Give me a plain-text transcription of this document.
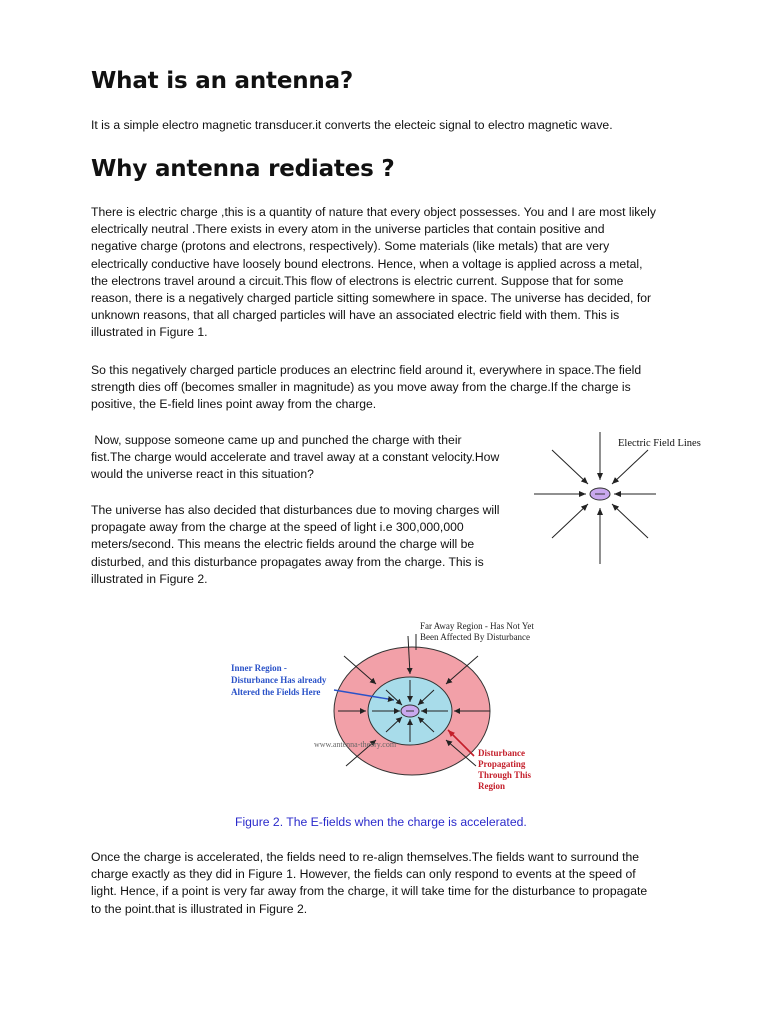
What is an antenna?
It is a simple electro magnetic transducer.it converts the electeic signal to electro magnetic wave.
Why antenna rediates ?
There is electric charge ,this is a quantity of nature that every object possesses. You and I are most likely
electrically neutral .There exists in every atom in the universe particles that contain positive and
negative charge (protons and electrons, respectively). Some materials (like metals) that are very
electrically conductive have loosely bound electrons. Hence, when a voltage is applied across a metal,
the electrons travel around a circuit.This flow of electrons is electric current. Suppose that for some
reason, there is a negatively charged particle sitting somewhere in space. The universe has decided, for
unknown reasons, that all charged particles will have an associated electric field with them. This is
illustrated in Figure 1.
So this negatively charged particle produces an electrinc field around it, everywhere in space.The field
strength dies off (becomes smaller in magnitude) as you move away from the charge.If the charge is
positive, the E-field lines point away from the charge.
Now, suppose someone came up and punched the charge with their
fist.The charge would accelerate and travel away at a constant velocity.How
would the universe react in this situation?
The universe has also decided that disturbances due to moving charges will
propagate away from the charge at the speed of light i.e 300,000,000
meters/second. This means the electric fields around the charge will be
disturbed, and this disturbance propagates away from the charge. This is
illustrated in Figure 2.
Electric Field Lines
Far Away Region - Has Not Yet
Been Affected By Disturbance
Inner Region -
Disturbance Has already
Altered the Fields Here
www.antenna-theory.com
Disturbance
Propagating
Through This
Region
Figure 2. The E-fields when the charge is accelerated.
Once the charge is accelerated, the fields need to re-align themselves.The fields want to surround the
charge exactly as they did in Figure 1. However, the fields can only respond to events at the speed of
light. Hence, if a point is very far away from the charge, it will take time for the disturbance to propagate
to the point.that is illustrated in Figure 2.
